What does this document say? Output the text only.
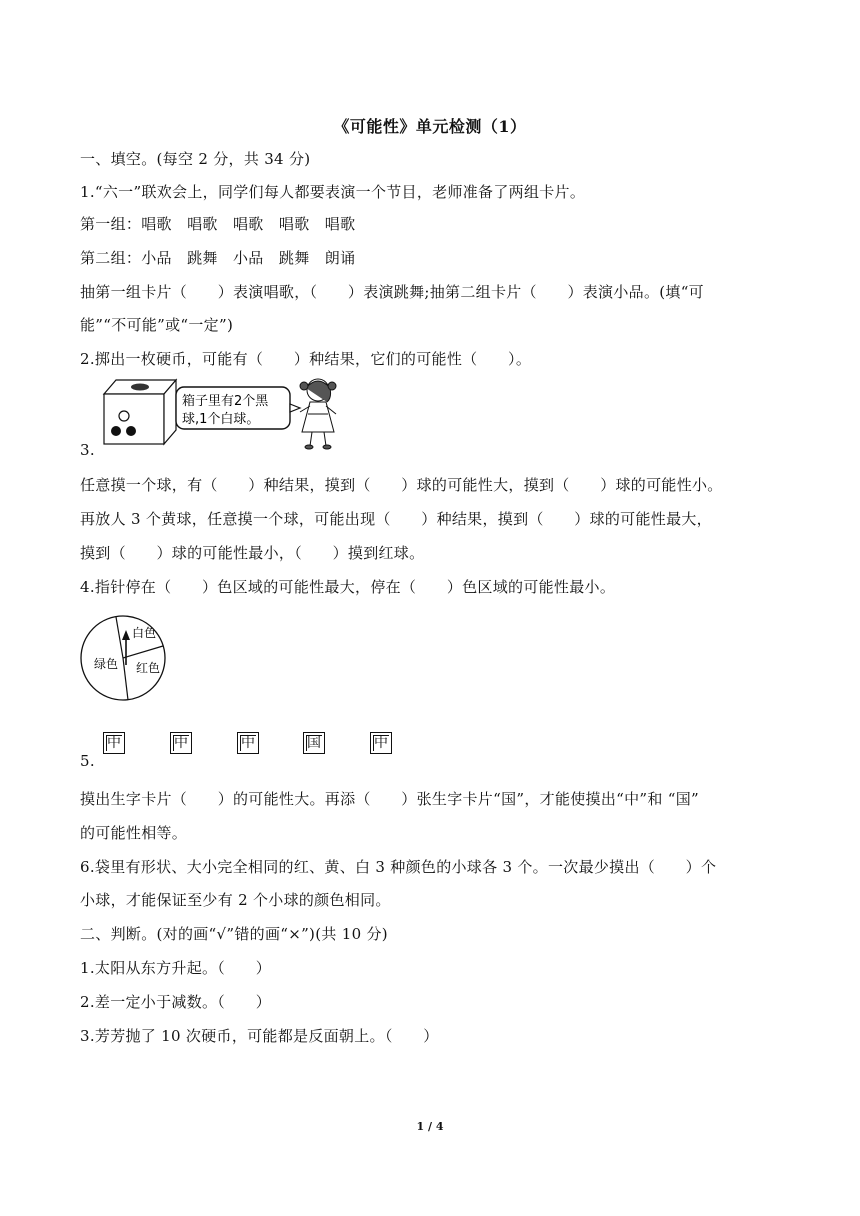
《可能性》单元检测（1）
一、填空。(每空 2 分，共 34 分)
1.“六一”联欢会上，同学们每人都要表演一个节目，老师准备了两组卡片。
第一组：唱歌　唱歌　唱歌　唱歌　唱歌
第二组：小品　跳舞　小品　跳舞　朗诵
抽第一组卡片（　　）表演唱歌，（　　）表演跳舞;抽第二组卡片（　　）表演小品。(填“可
能”“不可能”或“一定”)
2.掷出一枚硬币，可能有（　　）种结果，它们的可能性（　　）。
箱子里有2个黑
球,1个白球。
3.
任意摸一个球，有（　　）种结果，摸到（　　）球的可能性大，摸到（　　）球的可能性小。
再放人 3 个黄球，任意摸一个球，可能出现（　　）种结果，摸到（　　）球的可能性最大，
摸到（　　）球的可能性最小，（　　）摸到红球。
4.指针停在（　　）色区域的可能性最大，停在（　　）色区域的可能性最小。
白色
绿色 红色
中	中	中	国	中
5.
摸出生字卡片（　　）的可能性大。再添（　　）张生字卡片“国”，才能使摸出“中”和 “国”
的可能性相等。
6.袋里有形状、大小完全相同的红、黄、白 3 种颜色的小球各 3 个。一次最少摸出（　　）个
小球，才能保证至少有 2 个小球的颜色相同。
二、判断。(对的画“√”错的画“×”)(共 10 分)
1.太阳从东方升起。（　　）
2.差一定小于减数。（　　）
3.芳芳抛了 10 次硬币，可能都是反面朝上。（　　）
1 / 4
